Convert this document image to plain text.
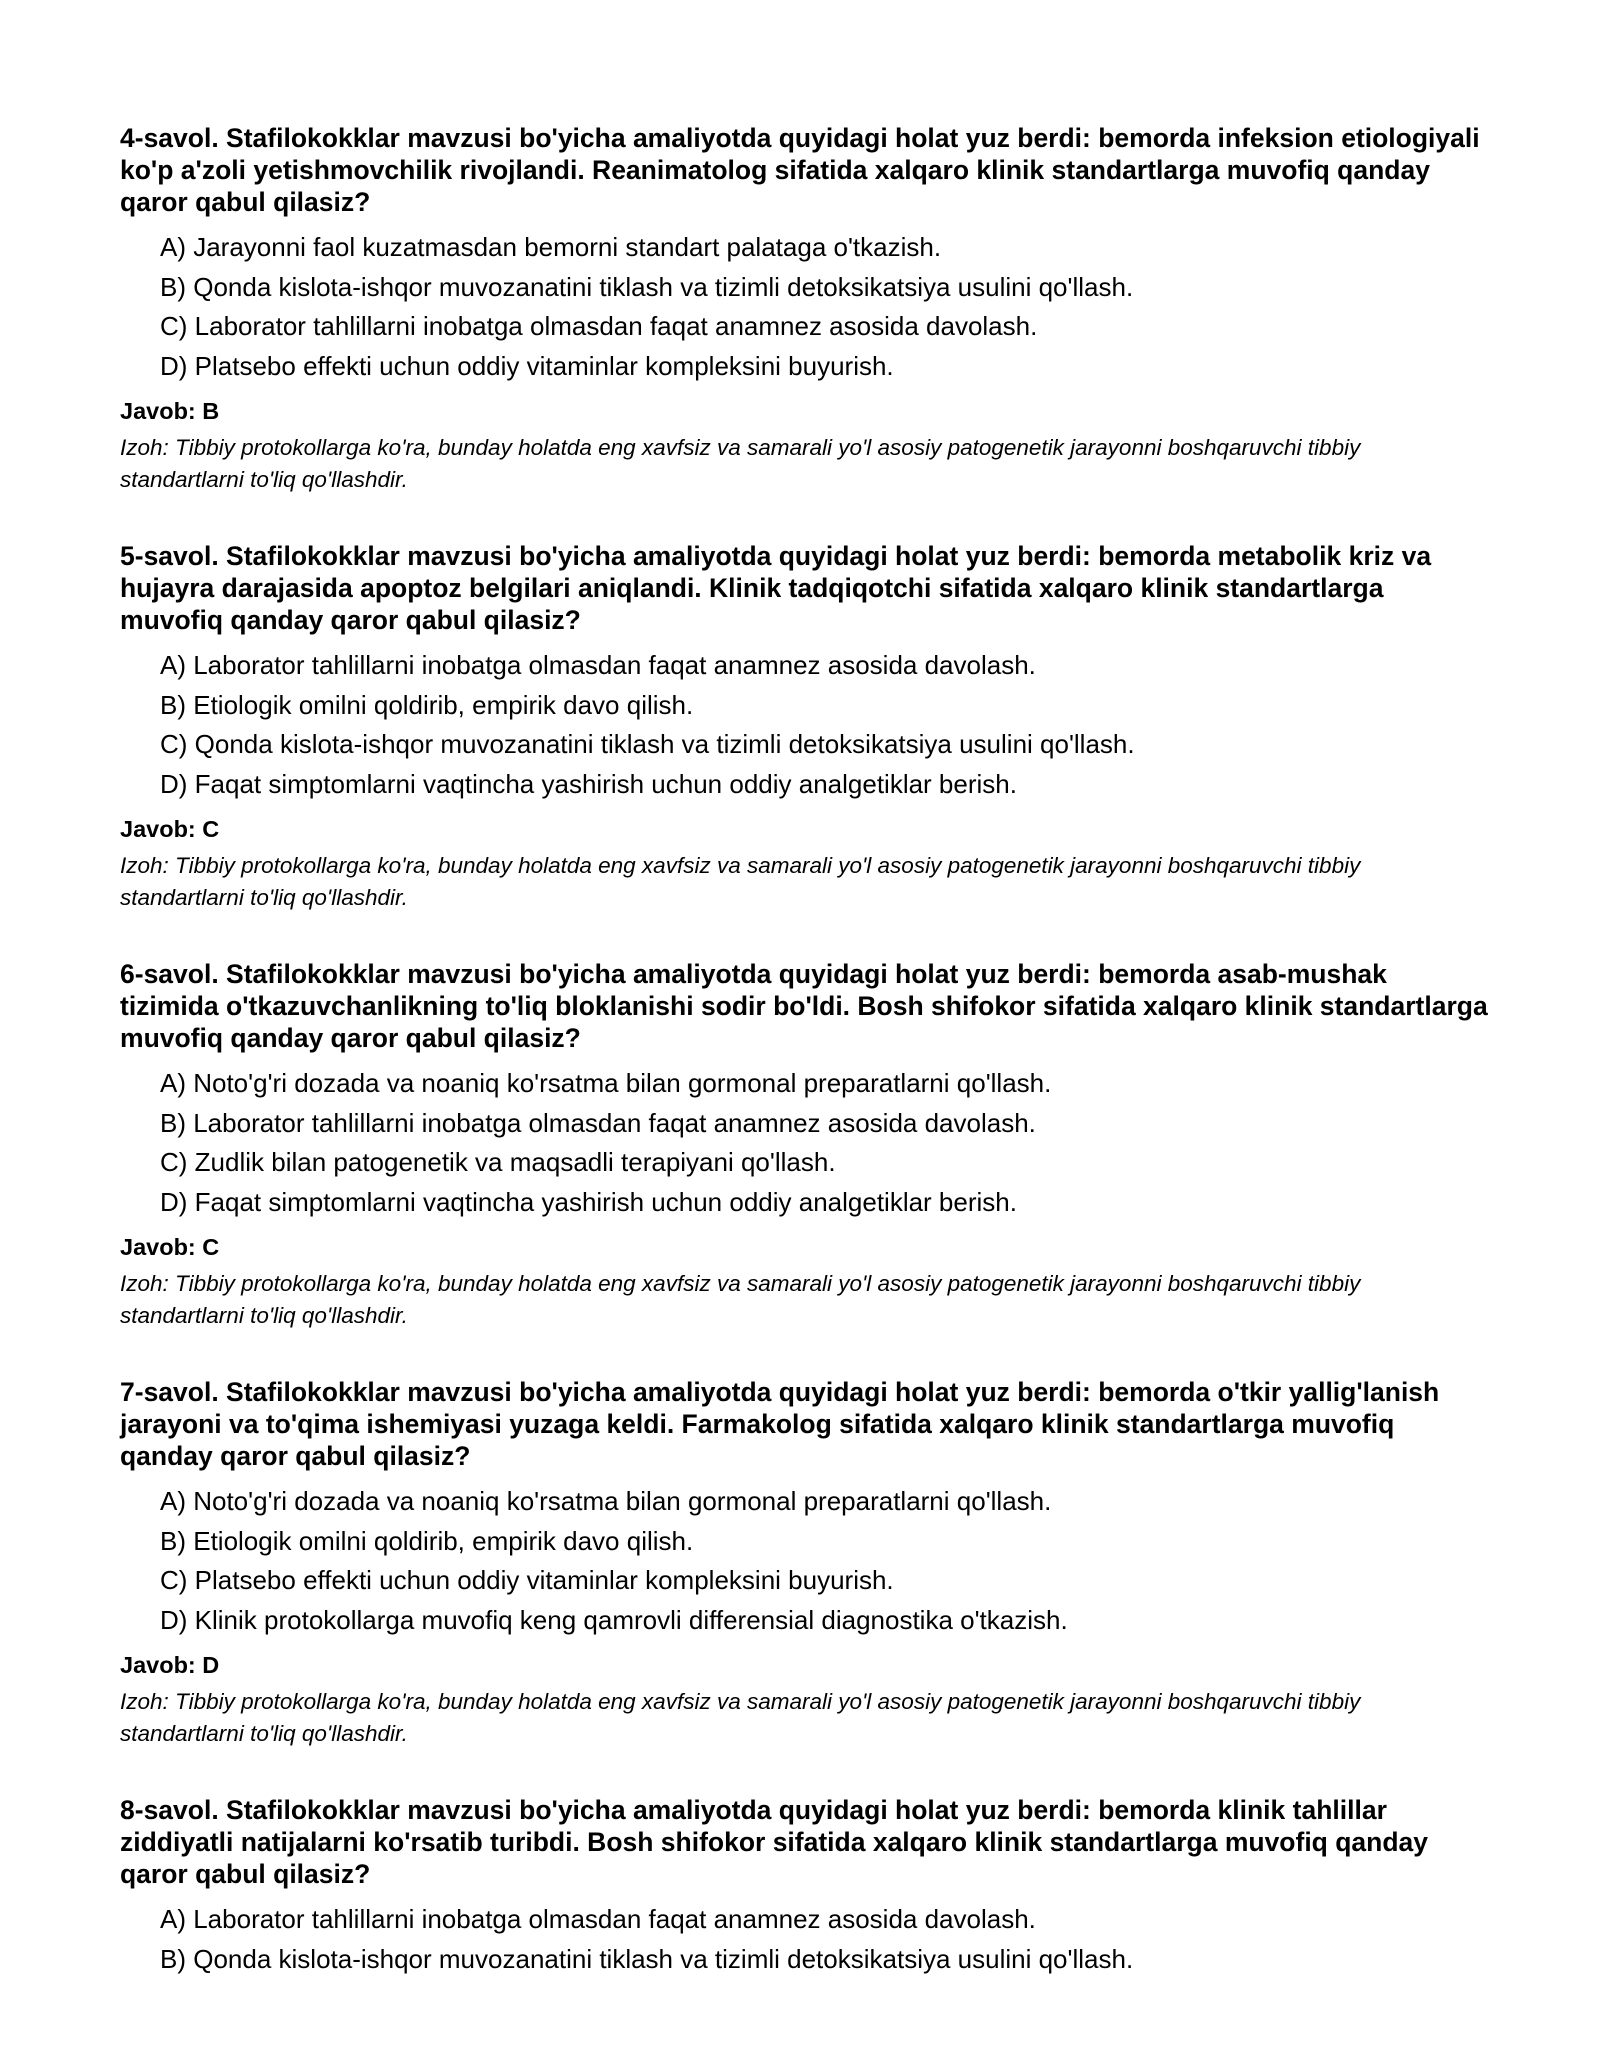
4-savol. Stafilokokklar mavzusi bo'yicha amaliyotda quyidagi holat yuz berdi: bemorda infeksion etiologiyali ko'p a'zoli yetishmovchilik rivojlandi. Reanimatolog sifatida xalqaro klinik standartlarga muvofiq qanday qaror qabul qilasiz?

A) Jarayonni faol kuzatmasdan bemorni standart palataga o'tkazish.
B) Qonda kislota-ishqor muvozanatini tiklash va tizimli detoksikatsiya usulini qo'llash.
C) Laborator tahlillarni inobatga olmasdan faqat anamnez asosida davolash.
D) Platsebo effekti uchun oddiy vitaminlar kompleksini buyurish.
Javob: B

Izoh: Tibbiy protokollarga ko'ra, bunday holatda eng xavfsiz va samarali yo'l asosiy patogenetik jarayonni boshqaruvchi tibbiy standartlarni to'liq qo'llashdir.

5-savol. Stafilokokklar mavzusi bo'yicha amaliyotda quyidagi holat yuz berdi: bemorda metabolik kriz va hujayra darajasida apoptoz belgilari aniqlandi. Klinik tadqiqotchi sifatida xalqaro klinik standartlarga muvofiq qanday qaror qabul qilasiz?

A) Laborator tahlillarni inobatga olmasdan faqat anamnez asosida davolash.
B) Etiologik omilni qoldirib, empirik davo qilish.
C) Qonda kislota-ishqor muvozanatini tiklash va tizimli detoksikatsiya usulini qo'llash.
D) Faqat simptomlarni vaqtincha yashirish uchun oddiy analgetiklar berish.
Javob: C

Izoh: Tibbiy protokollarga ko'ra, bunday holatda eng xavfsiz va samarali yo'l asosiy patogenetik jarayonni boshqaruvchi tibbiy standartlarni to'liq qo'llashdir.

6-savol. Stafilokokklar mavzusi bo'yicha amaliyotda quyidagi holat yuz berdi: bemorda asab-mushak tizimida o'tkazuvchanlikning to'liq bloklanishi sodir bo'ldi. Bosh shifokor sifatida xalqaro klinik standartlarga muvofiq qanday qaror qabul qilasiz?

A) Noto'g'ri dozada va noaniq ko'rsatma bilan gormonal preparatlarni qo'llash.
B) Laborator tahlillarni inobatga olmasdan faqat anamnez asosida davolash.
C) Zudlik bilan patogenetik va maqsadli terapiyani qo'llash.
D) Faqat simptomlarni vaqtincha yashirish uchun oddiy analgetiklar berish.
Javob: C

Izoh: Tibbiy protokollarga ko'ra, bunday holatda eng xavfsiz va samarali yo'l asosiy patogenetik jarayonni boshqaruvchi tibbiy standartlarni to'liq qo'llashdir.

7-savol. Stafilokokklar mavzusi bo'yicha amaliyotda quyidagi holat yuz berdi: bemorda o'tkir yallig'lanish jarayoni va to'qima ishemiyasi yuzaga keldi. Farmakolog sifatida xalqaro klinik standartlarga muvofiq qanday qaror qabul qilasiz?

A) Noto'g'ri dozada va noaniq ko'rsatma bilan gormonal preparatlarni qo'llash.
B) Etiologik omilni qoldirib, empirik davo qilish.
C) Platsebo effekti uchun oddiy vitaminlar kompleksini buyurish.
D) Klinik protokollarga muvofiq keng qamrovli differensial diagnostika o'tkazish.
Javob: D

Izoh: Tibbiy protokollarga ko'ra, bunday holatda eng xavfsiz va samarali yo'l asosiy patogenetik jarayonni boshqaruvchi tibbiy standartlarni to'liq qo'llashdir.

8-savol. Stafilokokklar mavzusi bo'yicha amaliyotda quyidagi holat yuz berdi: bemorda klinik tahlillar ziddiyatli natijalarni ko'rsatib turibdi. Bosh shifokor sifatida xalqaro klinik standartlarga muvofiq qanday qaror qabul qilasiz?

A) Laborator tahlillarni inobatga olmasdan faqat anamnez asosida davolash.
B) Qonda kislota-ishqor muvozanatini tiklash va tizimli detoksikatsiya usulini qo'llash.
